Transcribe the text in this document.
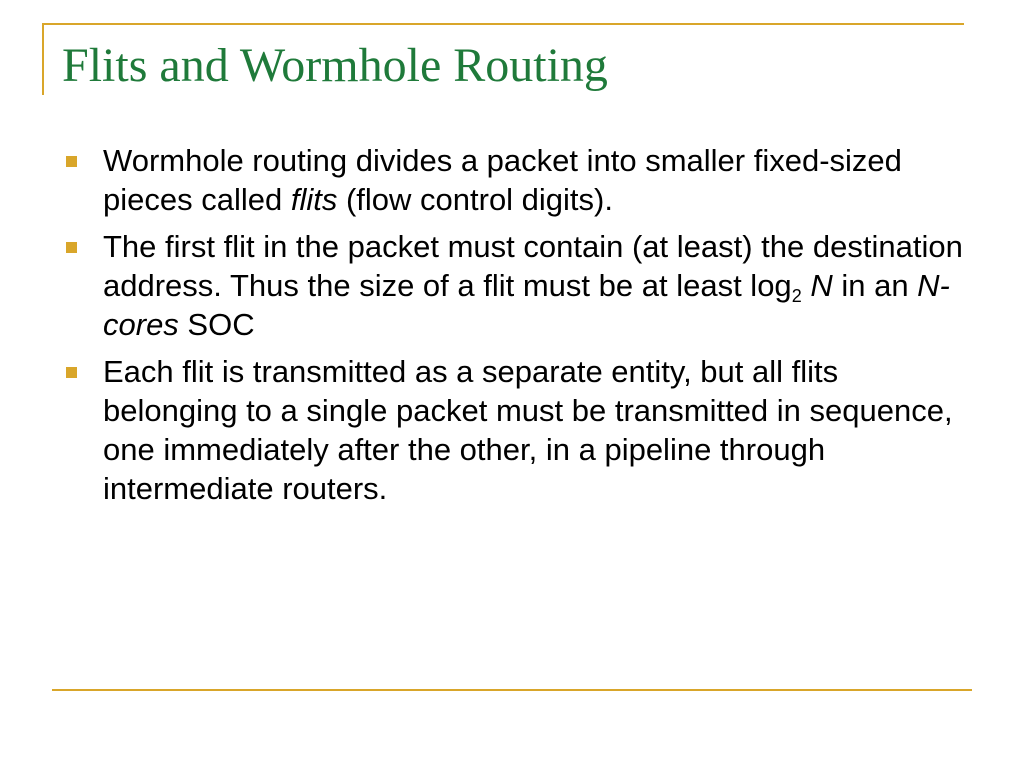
Flits and Wormhole Routing
Wormhole routing divides a packet into smaller fixed-sized pieces called flits (flow control digits).
The first flit in the packet must contain (at least) the destination address. Thus the size of a flit must be at least $\log_2 N$ in an N-cores SOC
Each flit is transmitted as a separate entity, but all flits belonging to a single packet must be transmitted in sequence, one immediately after the other, in a pipeline through intermediate routers.
